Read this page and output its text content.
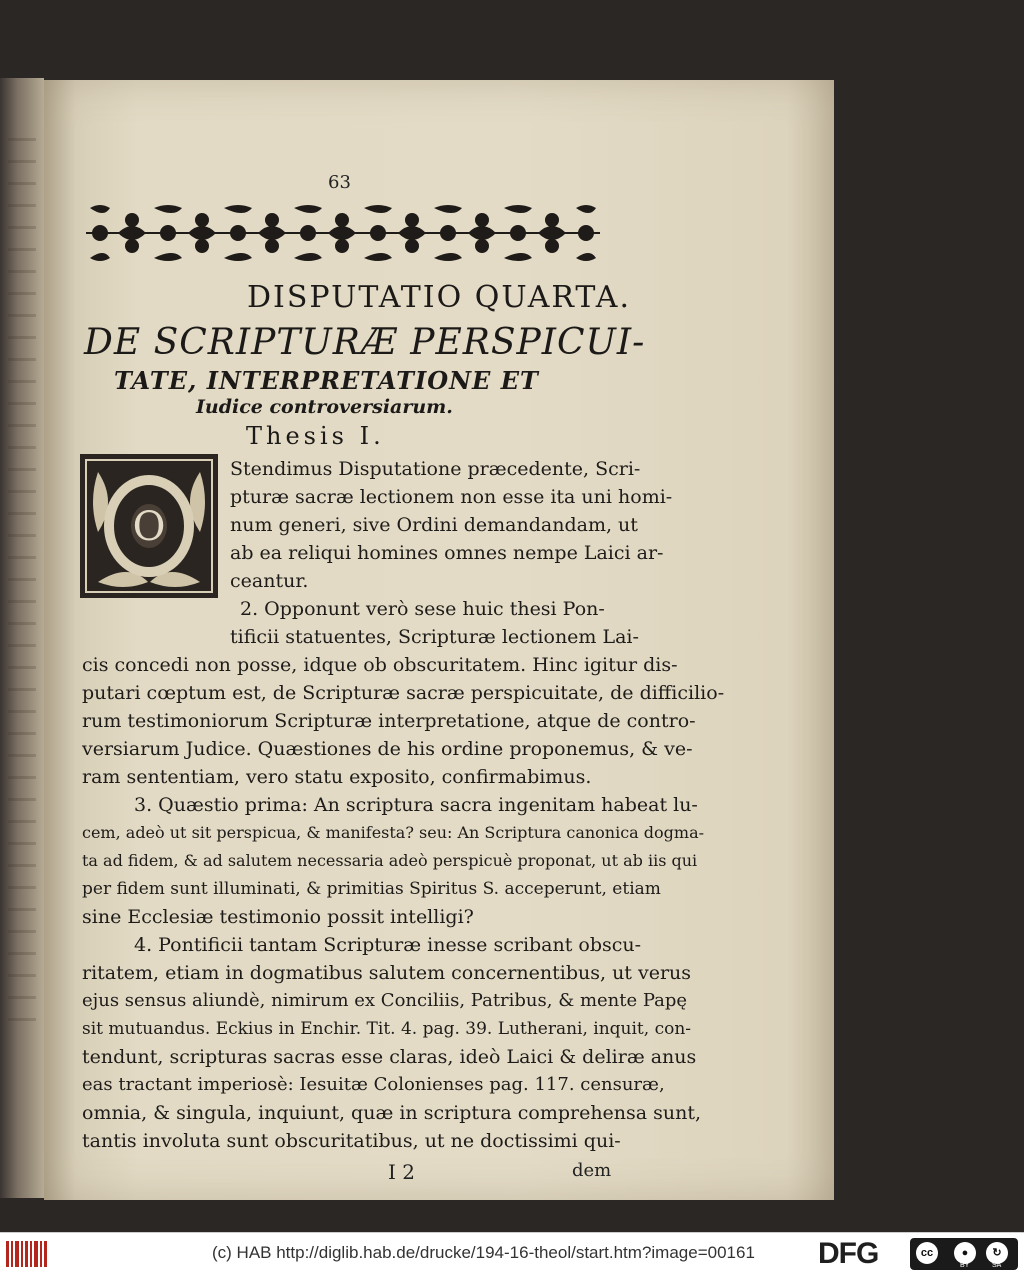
63
DISPUTATIO QUARTA.
DE SCRIPTURÆ PERSPICUI-
TATE, INTERPRETATIONE ET
Iudice controversiarum.
Thesis I.
O
Stendimus Disputatione præcedente, Scri-
pturæ sacræ lectionem non esse ita uni homi-
num generi, sive Ordini demandandam, ut
ab ea reliqui homines omnes nempe Laici ar-
ceantur.
2. Opponunt verò sese huic thesi Pon-
tificii statuentes, Scripturæ lectionem Lai-
cis concedi non posse, idque ob obscuritatem. Hinc igitur dis-
putari cœptum est, de Scripturæ sacræ perspicuitate, de difficilio-
rum testimoniorum Scripturæ interpretatione, atque de contro-
versiarum Judice. Quæstiones de his ordine proponemus, & ve-
ram sententiam, vero statu exposito, confirmabimus.
3. Quæstio prima: An scriptura sacra ingenitam habeat lu-
cem, adeò ut sit perspicua, & manifesta? seu: An Scriptura canonica dogma-
ta ad fidem, & ad salutem necessaria adeò perspicuè proponat, ut ab iis qui
per fidem sunt illuminati, & primitias Spiritus S. acceperunt, etiam
sine Ecclesiæ testimonio possit intelligi?
4. Pontificii tantam Scripturæ inesse scribant obscu-
ritatem, etiam in dogmatibus salutem concernentibus, ut verus
ejus sensus aliundè, nimirum ex Conciliis, Patribus, & mente Papę
sit mutuandus. Eckius in Enchir. Tit. 4. pag. 39. Lutherani, inquit, con-
tendunt, scripturas sacras esse claras, ideò Laici & deliræ anus
eas tractant imperiosè: Iesuitæ Colonienses pag. 117. censuræ,
omnia, & singula, inquiunt, quæ in scriptura comprehensa sunt,
tantis involuta sunt obscuritatibus, ut ne doctissimi qui-
I 2	dem
(c) HAB http://diglib.hab.de/drucke/194-16-theol/start.htm?image=00161 DFG	cc	●	↻
BY	SA
